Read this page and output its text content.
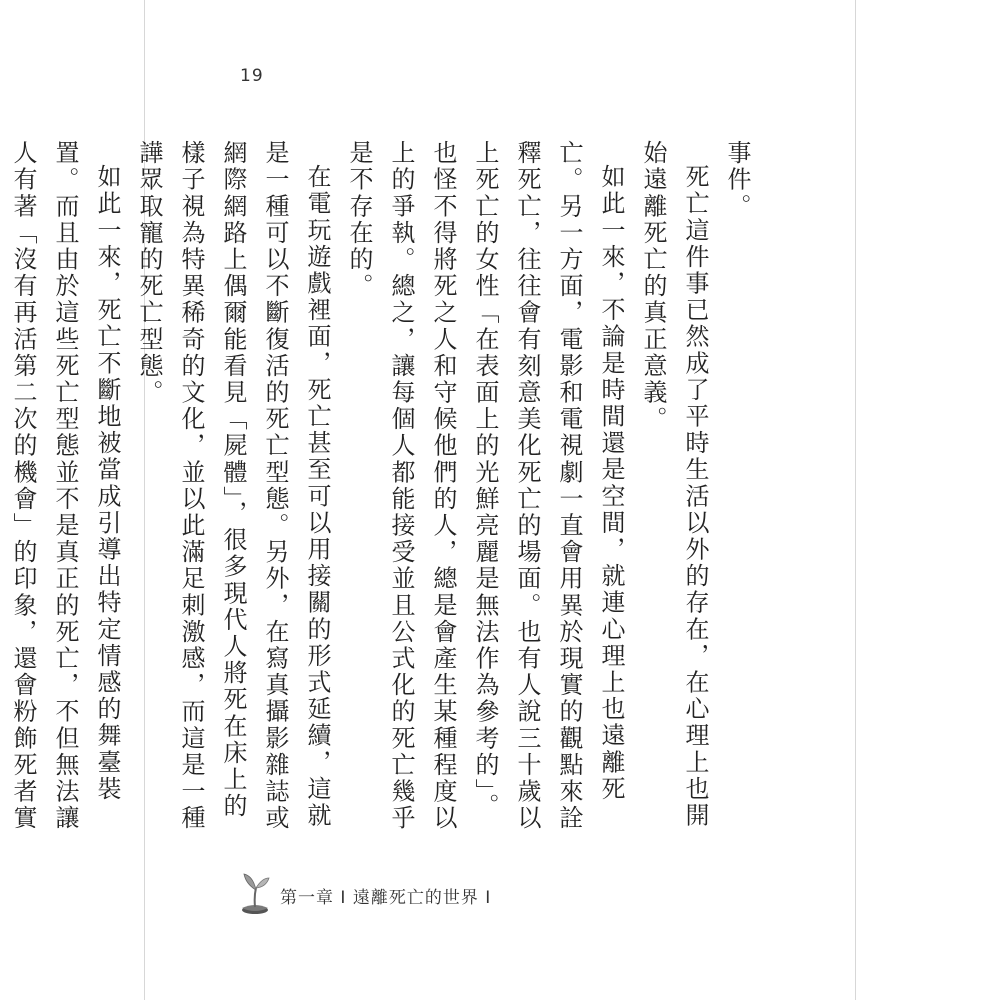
19

事件。

死亡這件事已然成了平時生活以外的存在，在心理上也開始遠離死亡的真正意義。

如此一來，不論是時間還是空間，就連心理上也遠離死亡。另一方面，電影和電視劇一直會用異於現實的觀點來詮釋死亡，往往會有刻意美化死亡的場面。也有人說三十歲以上死亡的女性「在表面上的光鮮亮麗是無法作為參考的」。也怪不得將死之人和守候他們的人，總是會產生某種程度以上的爭執。總之，讓每個人都能接受並且公式化的死亡幾乎是不存在的。

在電玩遊戲裡面，死亡甚至可以用接關的形式延續，這就是一種可以不斷復活的死亡型態。另外，在寫真攝影雜誌或網際網路上偶爾能看見「屍體」，很多現代人將死在床上的樣子視為特異稀奇的文化，並以此滿足刺激感，而這是一種譁眾取寵的死亡型態。

如此一來，死亡不斷地被當成引導出特定情感的舞臺裝置。而且由於這些死亡型態並不是真正的死亡，不但無法讓人有著「沒有再活第二次的機會」的印象，還會粉飾死者實

第一章 I 遠離死亡的世界 I
